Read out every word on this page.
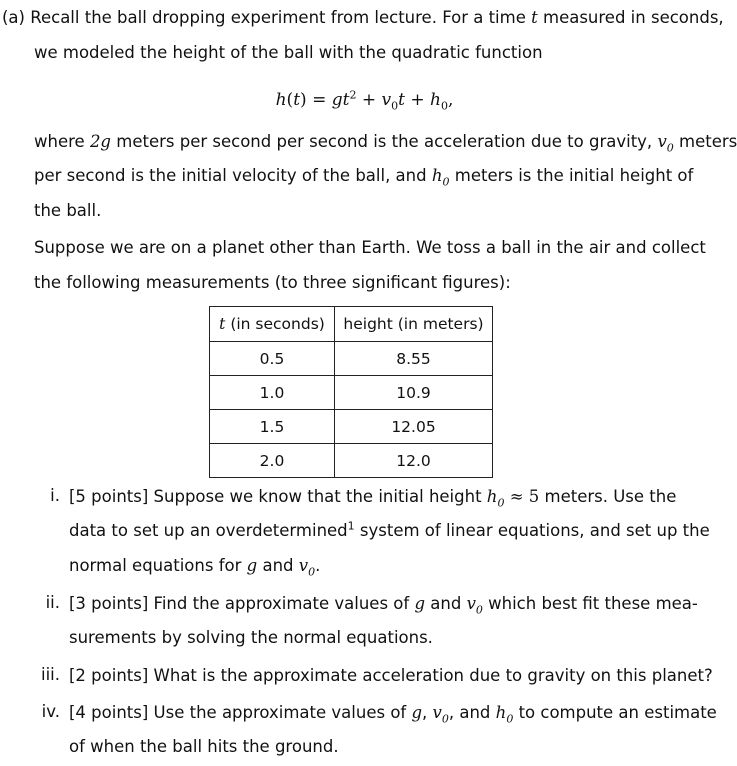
(a) Recall the ball dropping experiment from lecture. For a time t measured in seconds,
we modeled the height of the ball with the quadratic function
$h(t) = gt^2 + v_0t + h_0$,
where 2g meters per second per second is the acceleration due to gravity, $v_0$ meters
per second is the initial velocity of the ball, and $h_0$ meters is the initial height of
the ball.
Suppose we are on a planet other than Earth. We toss a ball in the air and collect
the following measurements (to three significant figures):
t (in seconds)	height (in meters)
0.5	8.55
1.0	10.9
1.5	12.05
2.0	12.0
i. [5 points] Suppose we know that the initial height $h_0 \approx 5$ meters. Use the
data to set up an overdetermined$^1$ system of linear equations, and set up the
normal equations for g and $v_0$.
ii. [3 points] Find the approximate values of g and $v_0$ which best fit these mea-
surements by solving the normal equations.
iii. [2 points] What is the approximate acceleration due to gravity on this planet?
iv. [4 points] Use the approximate values of g, $v_0$, and $h_0$ to compute an estimate
of when the ball hits the ground.
